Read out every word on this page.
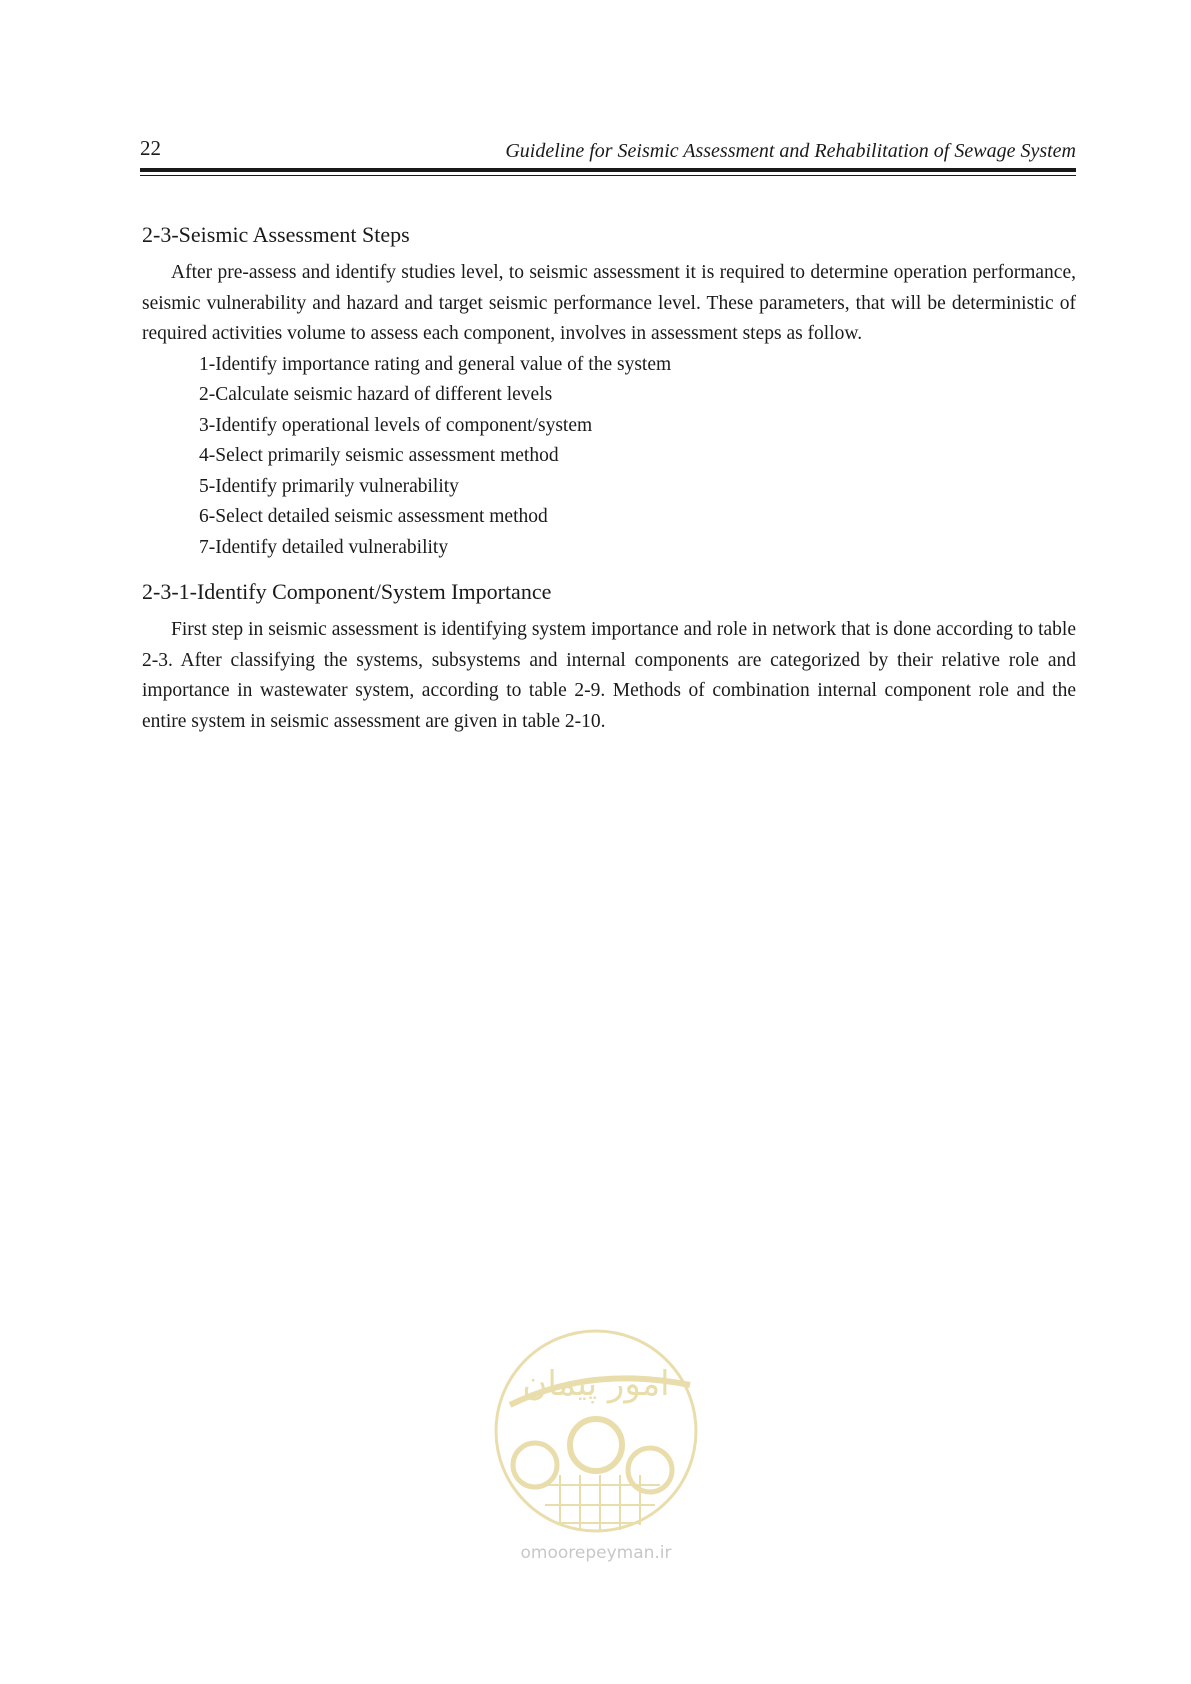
22	Guideline for Seismic Assessment and Rehabilitation of Sewage System
2-3-Seismic Assessment Steps

After pre-assess and identify studies level, to seismic assessment it is required to determine operation performance, seismic vulnerability and hazard and target seismic performance level. These parameters, that will be deterministic of required activities volume to assess each component, involves in assessment steps as follow.

1-Identify importance rating and general value of the system
2-Calculate seismic hazard of different levels
3-Identify operational levels of component/system
4-Select primarily seismic assessment method
5-Identify primarily vulnerability
6-Select detailed seismic assessment method
7-Identify detailed vulnerability
2-3-1-Identify Component/System Importance

First step in seismic assessment is identifying system importance and role in network that is done according to table 2-3. After classifying the systems, subsystems and internal components are categorized by their relative role and importance in wastewater system, according to table 2-9. Methods of combination internal component role and the entire system in seismic assessment are given in table 2-10.

امور پیمان
omoorepeyman.ir
